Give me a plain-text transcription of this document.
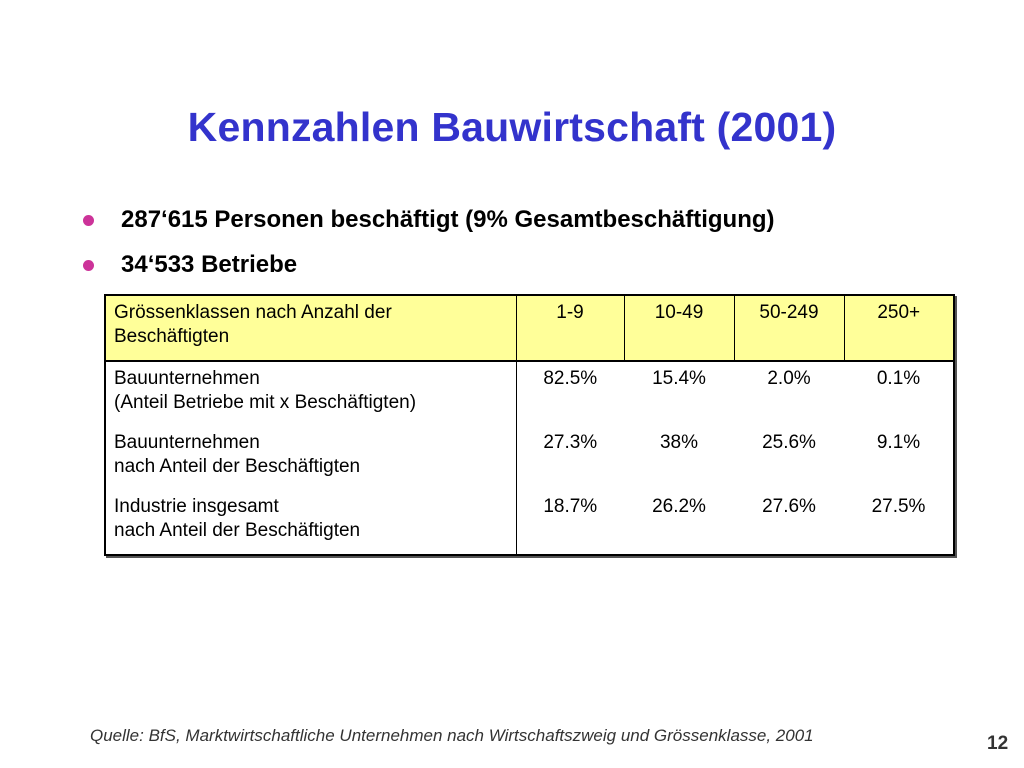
Kennzahlen Bauwirtschaft (2001)
287‘615 Personen beschäftigt (9% Gesamtbeschäftigung)
34‘533 Betriebe
Grössenklassen nach Anzahl der
Beschäftigten	1-9	10-49	50-249	250+
Bauunternehmen
(Anteil Betriebe mit x Beschäftigten)	82.5%	15.4%	2.0%	0.1%
Bauunternehmen
nach Anteil der Beschäftigten	27.3%	38%	25.6%	9.1%
Industrie insgesamt
nach Anteil der Beschäftigten	18.7%	26.2%	27.6%	27.5%
Quelle: BfS, Marktwirtschaftliche Unternehmen nach Wirtschaftszweig und Grössenklasse, 2001	12
